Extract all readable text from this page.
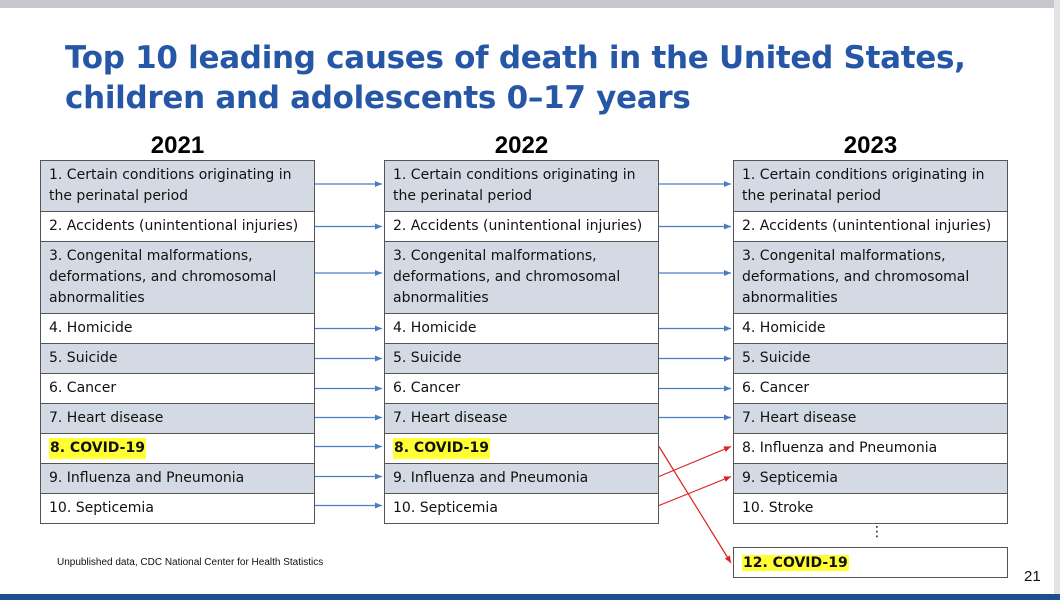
Top 10 leading causes of death in the United States,
children and adolescents 0–17 years
2021	2022	2023
1. Certain conditions originating in the perinatal period
2. Accidents (unintentional injuries)
3. Congenital malformations, deformations, and chromosomal abnormalities
4. Homicide
5. Suicide
6. Cancer
7. Heart disease
8. COVID-19
9. Influenza and Pneumonia
10. Septicemia
1. Certain conditions originating in the perinatal period
2. Accidents (unintentional injuries)
3. Congenital malformations, deformations, and chromosomal abnormalities
4. Homicide
5. Suicide
6. Cancer
7. Heart disease
8. COVID-19
9. Influenza and Pneumonia
10. Septicemia
1. Certain conditions originating in the perinatal period
2. Accidents (unintentional injuries)
3. Congenital malformations, deformations, and chromosomal abnormalities
4. Homicide
5. Suicide
6. Cancer
7. Heart disease
8. Influenza and Pneumonia
9. Septicemia
10. Stroke
⋮
12. COVID-19
Unpublished data, CDC National Center for Health Statistics
21
